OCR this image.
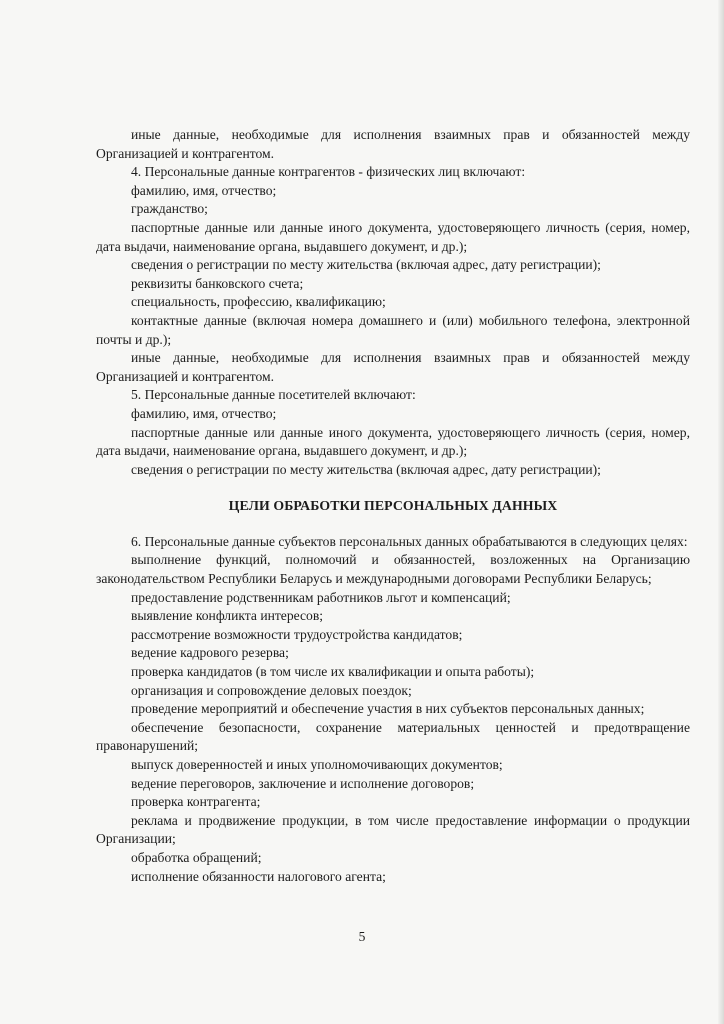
иные данные, необходимые для исполнения взаимных прав и обязанностей между Организацией и контрагентом.

4. Персональные данные контрагентов - физических лиц включают:

фамилию, имя, отчество;

гражданство;

паспортные данные или данные иного документа, удостоверяющего личность (серия, номер, дата выдачи, наименование органа, выдавшего документ, и др.);

сведения о регистрации по месту жительства (включая адрес, дату регистрации);

реквизиты банковского счета;

специальность, профессию, квалификацию;

контактные данные (включая номера домашнего и (или) мобильного телефона, электронной почты и др.);

иные данные, необходимые для исполнения взаимных прав и обязанностей между Организацией и контрагентом.

5. Персональные данные посетителей включают:

фамилию, имя, отчество;

паспортные данные или данные иного документа, удостоверяющего личность (серия, номер, дата выдачи, наименование органа, выдавшего документ, и др.);

сведения о регистрации по месту жительства (включая адрес, дату регистрации);

ЦЕЛИ ОБРАБОТКИ ПЕРСОНАЛЬНЫХ ДАННЫХ

6. Персональные данные субъектов персональных данных обрабатываются в следующих целях:

выполнение функций, полномочий и обязанностей, возложенных на Организацию законодательством Республики Беларусь и международными договорами Республики Беларусь;

предоставление родственникам работников льгот и компенсаций;

выявление конфликта интересов;

рассмотрение возможности трудоустройства кандидатов;

ведение кадрового резерва;

проверка кандидатов (в том числе их квалификации и опыта работы);

организация и сопровождение деловых поездок;

проведение мероприятий и обеспечение участия в них субъектов персональных данных;

обеспечение безопасности, сохранение материальных ценностей и предотвращение правонарушений;

выпуск доверенностей и иных уполномочивающих документов;

ведение переговоров, заключение и исполнение договоров;

проверка контрагента;

реклама и продвижение продукции, в том числе предоставление информации о продукции Организации;

обработка обращений;

исполнение обязанности налогового агента;

5
